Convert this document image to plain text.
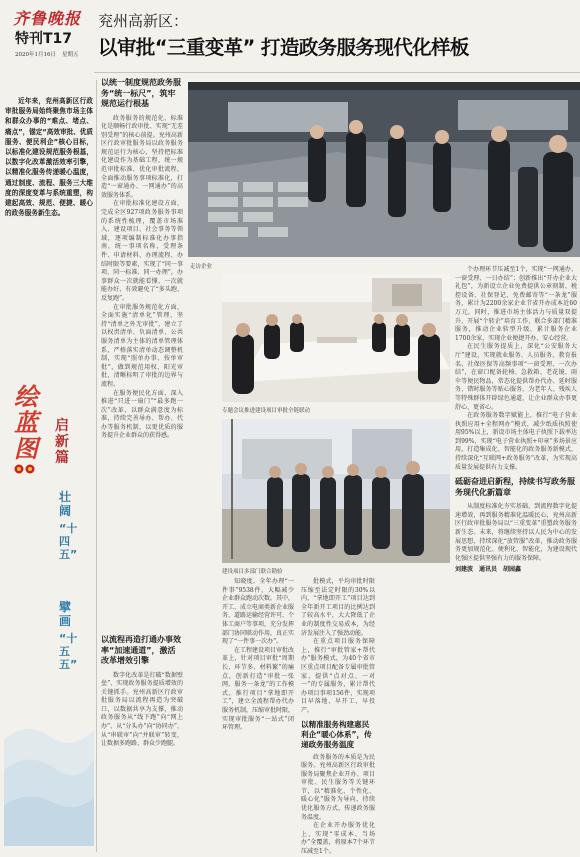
齐鲁晚报
特刊T17
2020年1月16日 星期五
兖州高新区：
以审批“三重变革” 打造政务服务现代化样板
近年来，兖州高新区行政审批服务局始终聚焦市场主体和群众办事的“难点、堵点、痛点”，锚定“高效审批、优质服务、便民利企”核心目标，以标准化建设规范服务根基，以数字化改革激活效率引擎，以精准化服务传递暖心温度，通过制度、流程、服务三大维度的深度变革与系统重塑，构建起高效、规范、便捷、暖心的政务服务新生态。
绘蓝图
启新篇
壮阔
“十四五”
擘画
“十五五”
以统一制度规范政务服务“统一标尺”，筑牢规范运行根基

政务服务的规范化、标准化是顺畅行政审批、实现“无差别受理”的核心前提。兖州高新区行政审批服务局以政务服务规范运行为核心，坚持把标准化建设作为基础工程，统一规范审批标准、优化审批流程，全面推动服务事项标准化，打造“一窗通办、一网通办”的高效服务体系。

在审批标准化建设方面，完成全区927项政务服务事项的系统性梳理，覆盖市场准入、建设项目、社会事务等领域，逐项编制标准化办事指南，统一事项名称、受理条件、申请材料、办理流程、办结时限等要素，实现了“同一事项、同一标准、同一办理”，办事群众一次就能看懂、一次就能办好，有效避免了“多头跑、反复跑”。

在审批服务规范化方面，全面实施“清单化”管理，坚持“清单之外无审批”，建立了以权责清单、负面清单、公共服务清单为主体的清单管理体系，严格落实清单动态调整机制，实现“照单办事、按单审批”，做到规范用权、阳光审批，清晰标明了审批的边界与流程。

在服务便民化方面，深入推进“只进一扇门”“最多跑一次”改革，以群众满意度为标准，持续完善导办、帮办、代办等服务机制，以更优质的服务提升企业群众的获得感。

以流程再造打通办事效率“加速通道”，激活改革增效引擎

数字化改革是打破“数据壁垒”、实现政务服务提质增效的关键抓手。兖州高新区行政审批服务局以流程再造为突破口，以数据共享为支撑，推动政务服务从“线下跑”向“网上办”、从“分头办”向“协同办”、从“串联审”向“并联审”转变，让数据多跑路、群众少跑腿。

走访企业
专题会议推进建设项目审批全链联动
建设项目多部门联合勘验

知晓度。全年办理“一件事”9538件，大幅减少企业群众跑动次数。其中，开工、成立电商类新企业服务、道路运输经营许可、个体工商户等事项，充分发挥部门协同联动作用，真正实现了“一件事一次办”。

在工程建设项目审批改革上，针对项目审批“周期长、环节多、材料繁”的痛点，创新打造“审批一张网、服务一条龙”的工作模式，推行项目“拿地即开工”，建立全流程帮办代办服务机制，压缩审批时限，实现审批服务“一站式”闭环管理。

批模式，平均审批时限压缩至法定时限的30%以内，“拿地即开工”项目达到全年新开工项目的比例达到了较高水平，大大降低了企业的制度性交易成本，为经济发展注入了强劲动能。

在重点项目服务保障上，推行“审批管家+帮代办”服务模式，为40个省市区重点项目配备专属审批管家，提供“点对点、一对一”的专属服务，累计帮代办项目事项156件，实现项目早落地、早开工、早投产。

以精准服务构建惠民利企“暖心体系”，传递政务服务温度

政务服务的本质是为民服务。兖州高新区行政审批服务局聚焦企业开办、项目审批、民生服务等关键环节，以“精准化、个性化、暖心化”服务为导向，持续优化服务方式，传递政务服务温度。

在企业开办服务优化上，实现“零成本、当场办”全覆盖，将原本7个环节压减至1个。

个办理环节压减至1个，实现“一网通办、一窗受理、一日办结”；创新推出“开办企业大礼包”，为新设立企业免费提供公章刻制、税控设备、社保登记、免费邮寄等“一条龙”服务，累计为2200余家企业节省开办成本近60万元，同时，推进市场主体活力与质量双提升，开展“个转企”培育工作，联合多部门精准服务，推动企业转型升级，累计服务企业1700余家，实现企业便捷开办、安心经营。

在民生服务提质上，深化“公安服务大厅”建设，实现就业服务、人员服务、教育报名、社保医保等高频事项“一窗受理、一次办结”，在窗口配备轮椅、急救箱、老花镜、雨伞等便民物品，常态化提供帮办代办、延时服务、错时服务等贴心服务，为老年人、残疾人等特殊群体开辟绿色通道，让企业群众办事更舒心、更省心。

在政务服务数字赋能上，推行“电子营业执照应用+全程网办”模式，减少纸质执照使用95%以上，新设市场主体电子执照下载率达到99%，实现“电子营业执照+印章”多场景应用，打造集成化、智能化的政务服务新模式，持续深化“互联网+政务服务”改革，为实现高质量发展提供有力支撑。

砥砺奋进启新程，持续书写政务服务现代化新篇章

从制度标准化夯实基础，到流程数字化提速增效，再到服务精准化温暖民心，兖州高新区行政审批服务局以“三重变革”重塑政务服务新生态。未来，将继续坚持以人民为中心的发展思想，持续深化“放管服”改革，推动政务服务更加规范化、便利化、智能化，为建设现代化强区提供坚强有力的服务保障。

刘建波　通讯员　胡园鑫
